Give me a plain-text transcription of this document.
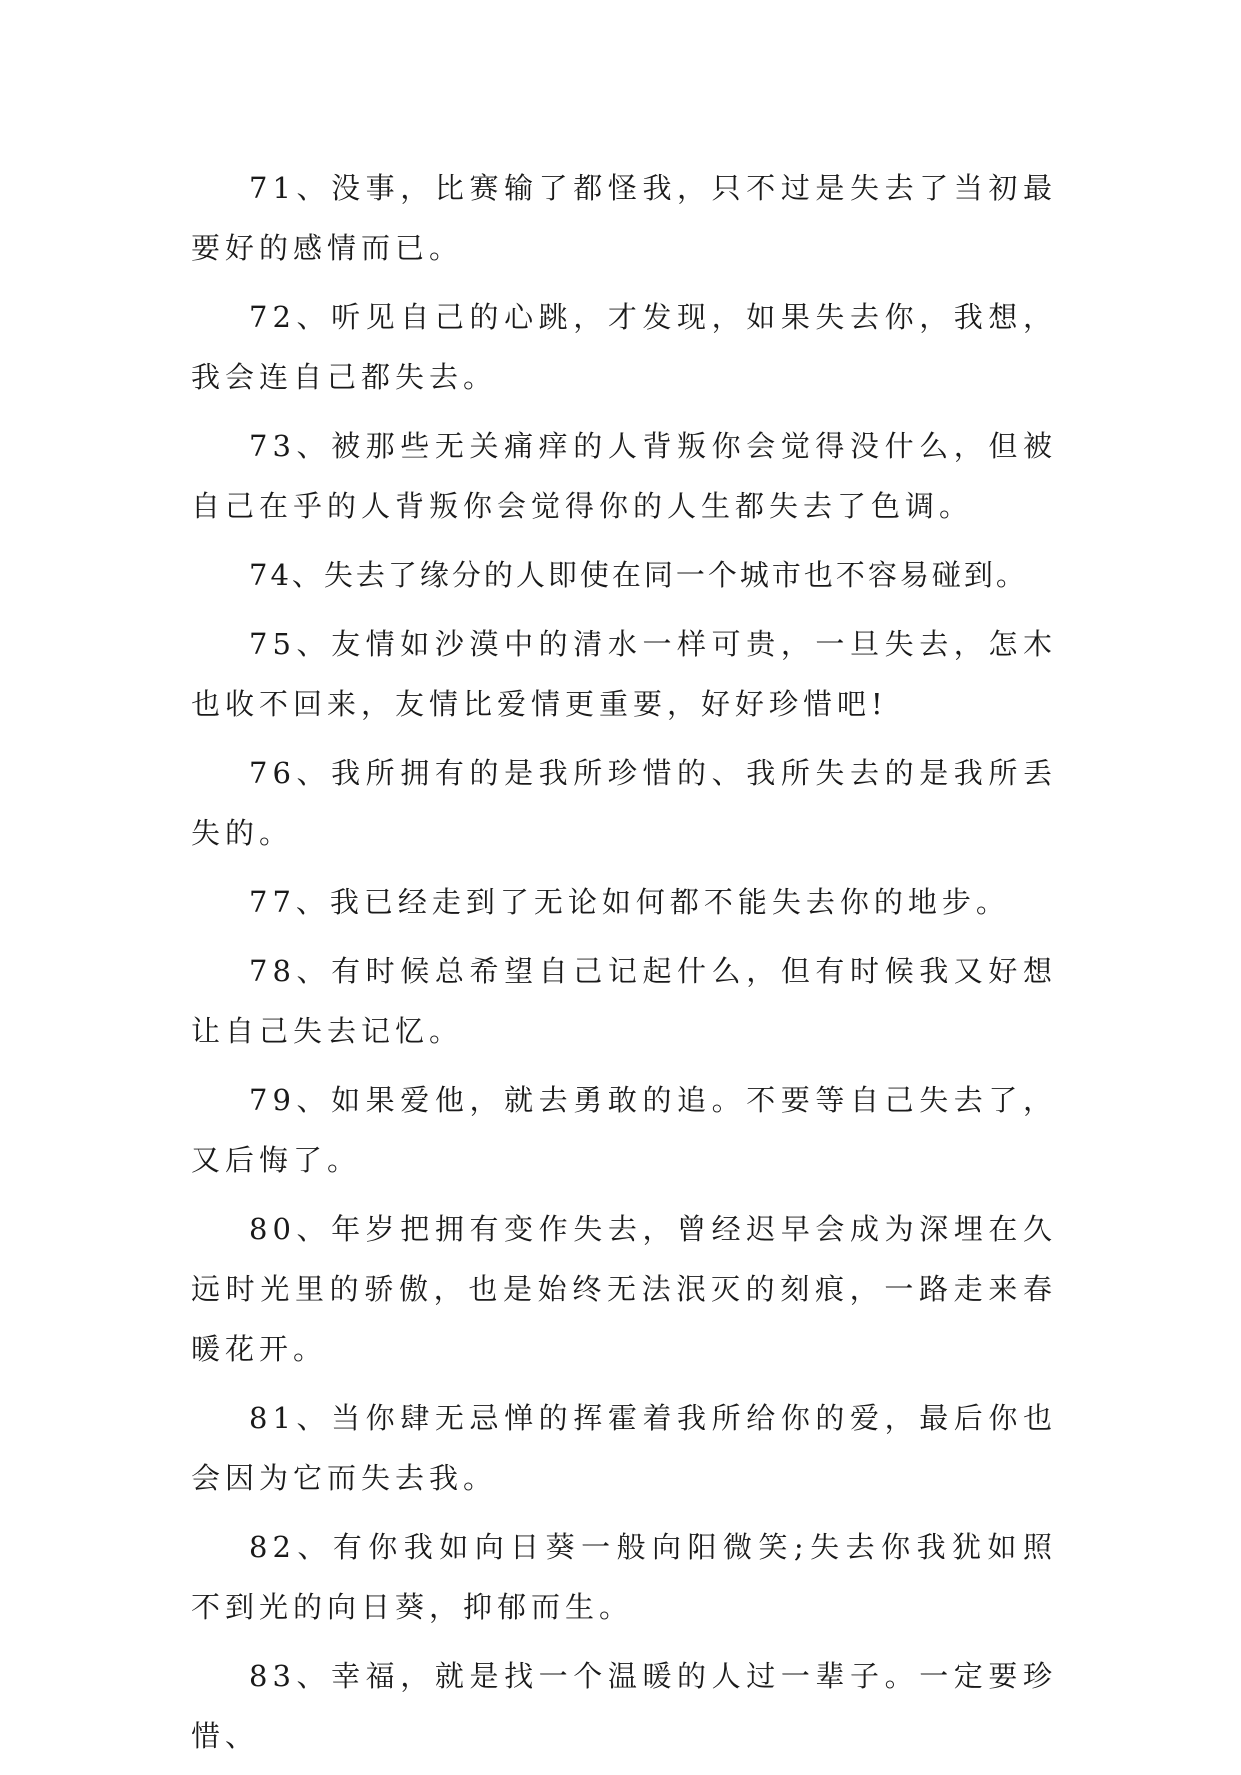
71、没事，比赛输了都怪我，只不过是失去了当初最要好的感情而已。

72、听见自己的心跳，才发现，如果失去你，我想，我会连自己都失去。

73、被那些无关痛痒的人背叛你会觉得没什么，但被自己在乎的人背叛你会觉得你的人生都失去了色调。

74、失去了缘分的人即使在同一个城市也不容易碰到。

75、友情如沙漠中的清水一样可贵，一旦失去，怎木也收不回来，友情比爱情更重要，好好珍惜吧!

76、我所拥有的是我所珍惜的、我所失去的是我所丢失的。

77、我已经走到了无论如何都不能失去你的地步。

78、有时候总希望自己记起什么，但有时候我又好想让自己失去记忆。

79、如果爱他，就去勇敢的追。不要等自己失去了，又后悔了。

80、年岁把拥有变作失去，曾经迟早会成为深埋在久远时光里的骄傲，也是始终无法泯灭的刻痕，一路走来春暖花开。

81、当你肆无忌惮的挥霍着我所给你的爱，最后你也会因为它而失去我。

82、有你我如向日葵一般向阳微笑;失去你我犹如照不到光的向日葵，抑郁而生。

83、幸福，就是找一个温暖的人过一辈子。一定要珍惜、
